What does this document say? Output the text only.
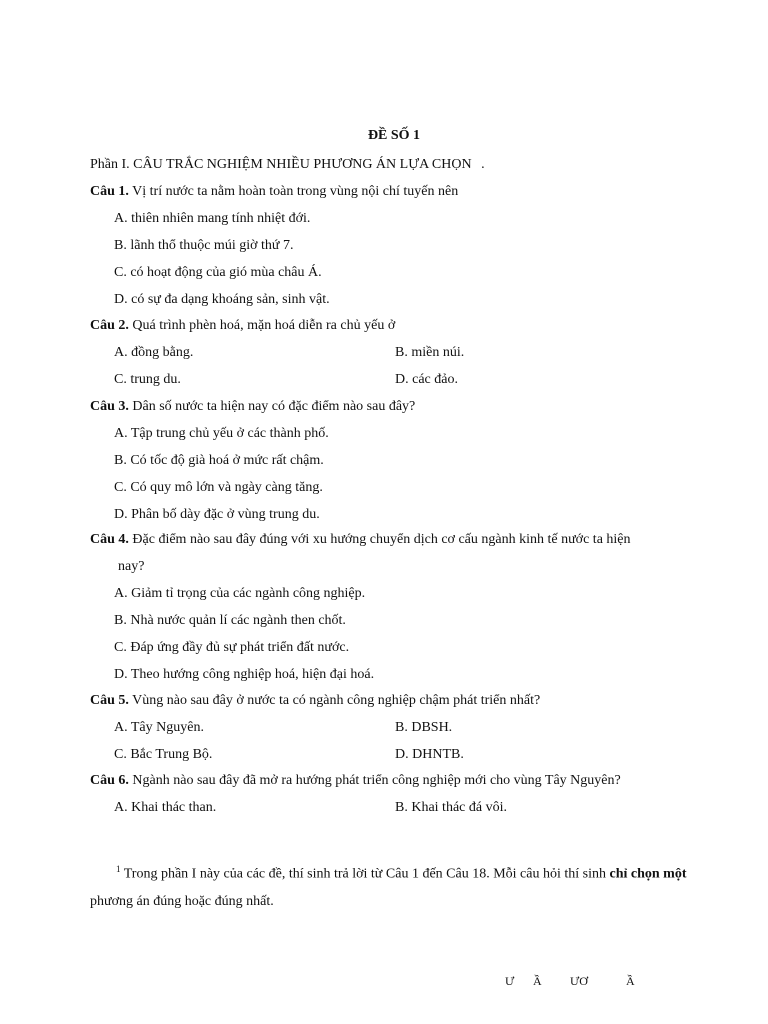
ĐỀ SỐ 1
Phần I. CÂU TRẮC NGHIỆM NHIỀU PHƯƠNG ÁN LỰA CHỌN .
Câu 1. Vị trí nước ta nằm hoàn toàn trong vùng nội chí tuyến nên
A. thiên nhiên mang tính nhiệt đới.
B. lãnh thổ thuộc múi giờ thứ 7.
C. có hoạt động của gió mùa châu Á.
D. có sự đa dạng khoáng sản, sinh vật.
Câu 2. Quá trình phèn hoá, mặn hoá diễn ra chủ yếu ở
A. đồng bằng.	B. miền núi.
C. trung du.	D. các đảo.
Câu 3. Dân số nước ta hiện nay có đặc điểm nào sau đây?
A. Tập trung chủ yếu ở các thành phố.
B. Có tốc độ già hoá ở mức rất chậm.
C. Có quy mô lớn và ngày càng tăng.
D. Phân bố dày đặc ở vùng trung du.
Câu 4. Đặc điểm nào sau đây đúng với xu hướng chuyển dịch cơ cấu ngành kinh tế nước ta hiện
nay?
A. Giảm tỉ trọng của các ngành công nghiệp.
B. Nhà nước quản lí các ngành then chốt.
C. Đáp ứng đầy đủ sự phát triển đất nước.
D. Theo hướng công nghiệp hoá, hiện đại hoá.
Câu 5. Vùng nào sau đây ở nước ta có ngành công nghiệp chậm phát triển nhất?
A. Tây Nguyên.	B. DBSH.
C. Bắc Trung Bộ.	D. DHNTB.
Câu 6. Ngành nào sau đây đã mở ra hướng phát triển công nghiệp mới cho vùng Tây Nguyên?
A. Khai thác than.	B. Khai thác đá vôi.
$^1$ Trong phần I này của các đề, thí sinh trả lời từ Câu 1 đến Câu 18. Mỗi câu hỏi thí sinh chỉ chọn một phương án đúng hoặc đúng nhất.
Ư Ầ ƯƠ	Ầ
